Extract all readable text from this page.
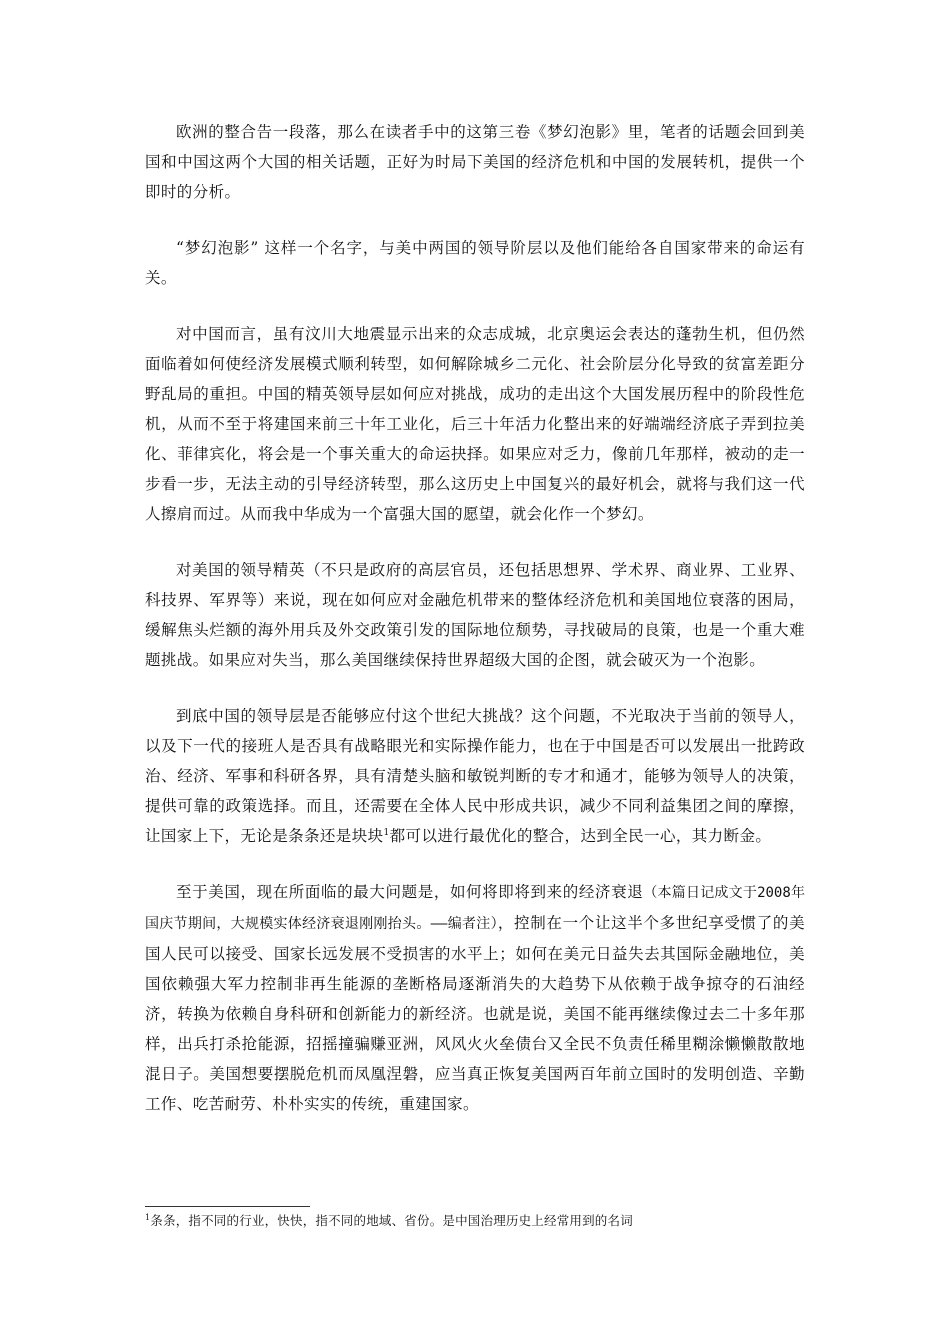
欧洲的整合告一段落，那么在读者手中的这第三卷《梦幻泡影》里，笔者的话题会回到美国和中国这两个大国的相关话题，正好为时局下美国的经济危机和中国的发展转机，提供一个即时的分析。

“梦幻泡影” 这样一个名字，与美中两国的领导阶层以及他们能给各自国家带来的命运有关。

对中国而言，虽有汶川大地震显示出来的众志成城，北京奥运会表达的蓬勃生机，但仍然面临着如何使经济发展模式顺利转型，如何解除城乡二元化、社会阶层分化导致的贫富差距分野乱局的重担。中国的精英领导层如何应对挑战，成功的走出这个大国发展历程中的阶段性危机，从而不至于将建国来前三十年工业化，后三十年活力化整出来的好端端经济底子弄到拉美化、菲律宾化，将会是一个事关重大的命运抉择。如果应对乏力，像前几年那样，被动的走一步看一步，无法主动的引导经济转型，那么这历史上中国复兴的最好机会，就将与我们这一代人擦肩而过。从而我中华成为一个富强大国的愿望，就会化作一个梦幻。

对美国的领导精英（不只是政府的高层官员，还包括思想界、学术界、商业界、工业界、科技界、军界等）来说，现在如何应对金融危机带来的整体经济危机和美国地位衰落的困局，缓解焦头烂额的海外用兵及外交政策引发的国际地位颓势，寻找破局的良策，也是一个重大难题挑战。如果应对失当，那么美国继续保持世界超级大国的企图，就会破灭为一个泡影。

到底中国的领导层是否能够应付这个世纪大挑战？这个问题，不光取决于当前的领导人，以及下一代的接班人是否具有战略眼光和实际操作能力，也在于中国是否可以发展出一批跨政治、经济、军事和科研各界，具有清楚头脑和敏锐判断的专才和通才，能够为领导人的决策，提供可靠的政策选择。而且，还需要在全体人民中形成共识，减少不同利益集团之间的摩擦，让国家上下，无论是条条还是块块$^1$都可以进行最优化的整合，达到全民一心，其力断金。

至于美国，现在所面临的最大问题是，如何将即将到来的经济衰退（本篇日记成文于2008年国庆节期间，大规模实体经济衰退刚刚抬头。——编者注），控制在一个让这半个多世纪享受惯了的美国人民可以接受、国家长远发展不受损害的水平上；如何在美元日益失去其国际金融地位，美国依赖强大军力控制非再生能源的垄断格局逐渐消失的大趋势下从依赖于战争掠夺的石油经济，转换为依赖自身科研和创新能力的新经济。也就是说，美国不能再继续像过去二十多年那样，出兵打杀抢能源，招摇撞骗赚亚洲，风风火火垒债台又全民不负责任稀里糊涂懒懒散散地混日子。美国想要摆脱危机而凤凰涅磐，应当真正恢复美国两百年前立国时的发明创造、辛勤工作、吃苦耐劳、朴朴实实的传统，重建国家。

$^1$条条，指不同的行业，快快，指不同的地域、省份。是中国治理历史上经常用到的名词
